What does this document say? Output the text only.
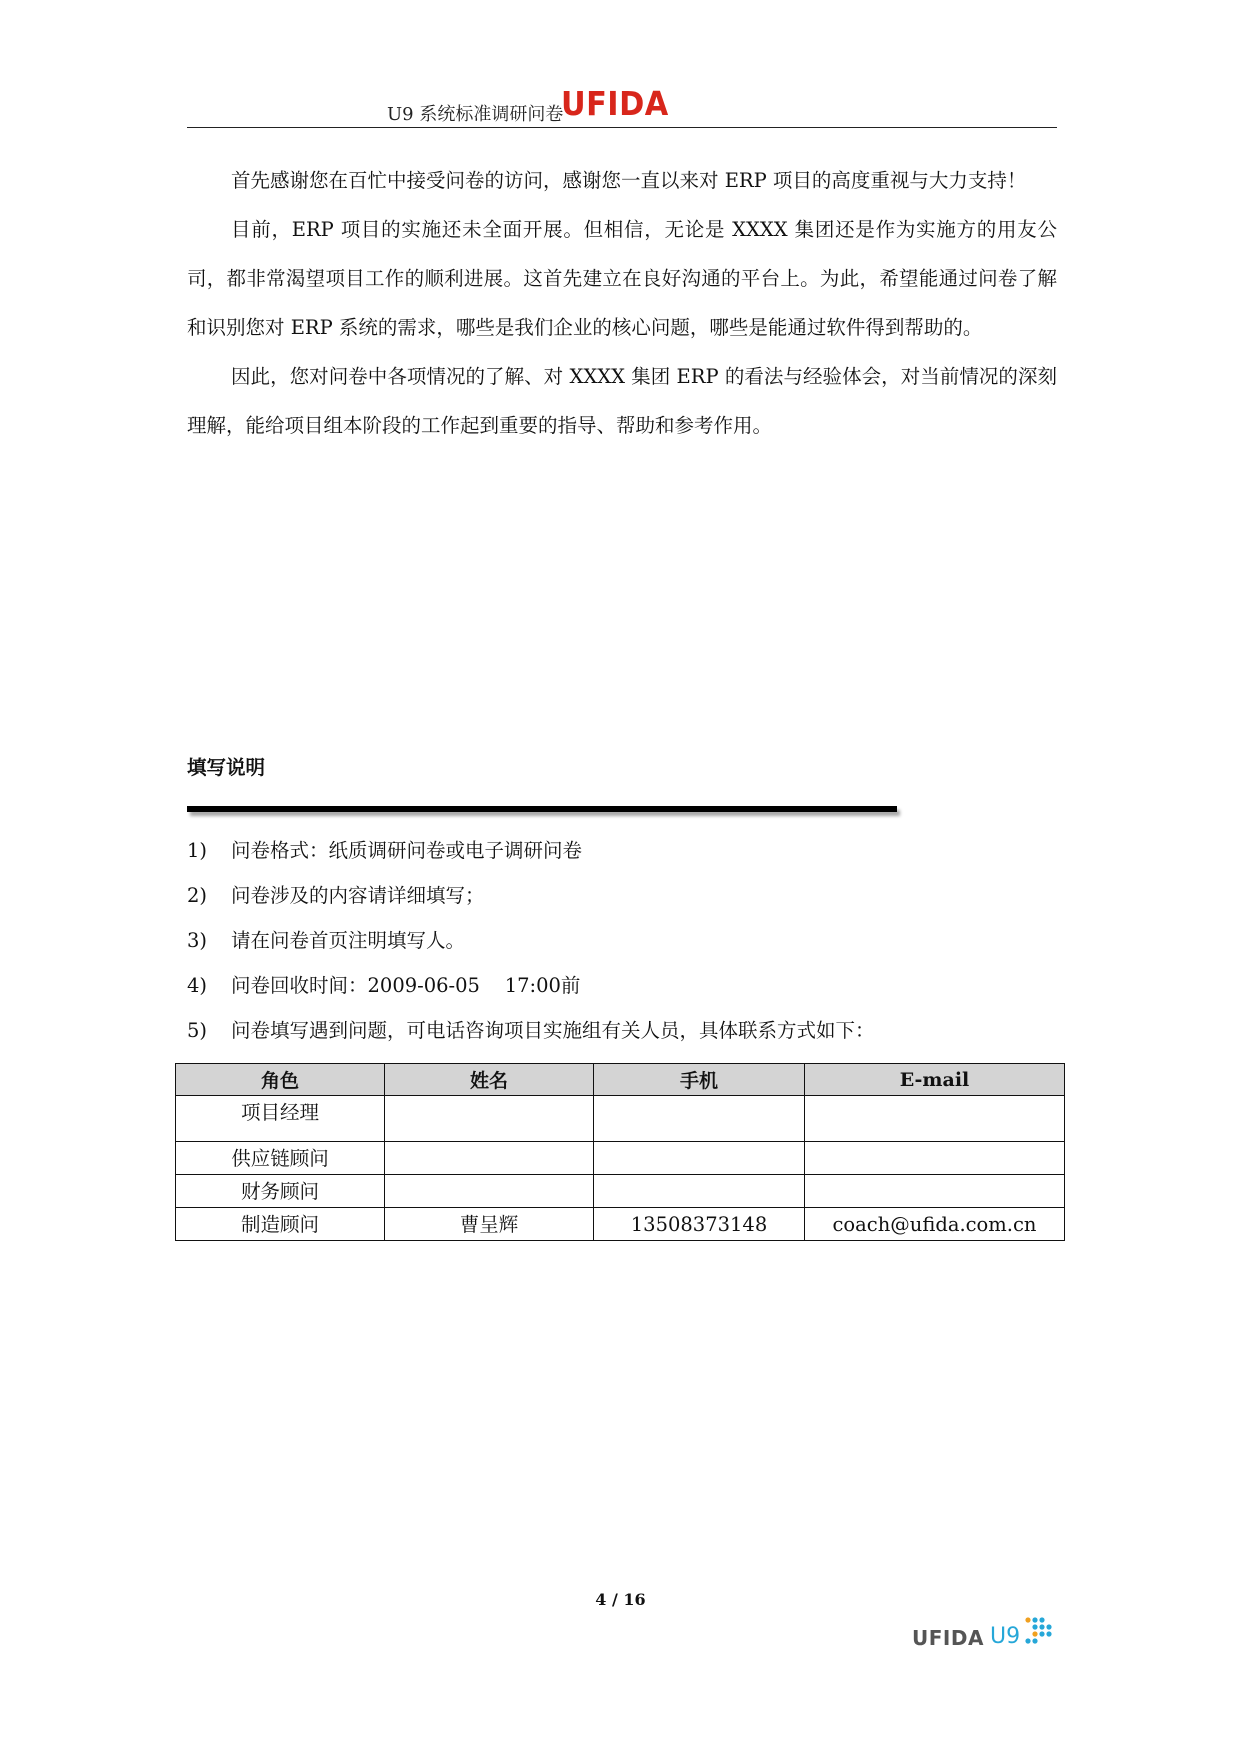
U9 系统标准调研问卷
UFIDA

首先感谢您在百忙中接受问卷的访问，感谢您一直以来对 ERP 项目的高度重视与大力支持！

目前，ERP 项目的实施还未全面开展。但相信，无论是 XXXX 集团还是作为实施方的用友公司，都非常渴望项目工作的顺利进展。这首先建立在良好沟通的平台上。为此，希望能通过问卷了解和识别您对 ERP 系统的需求，哪些是我们企业的核心问题，哪些是能通过软件得到帮助的。

因此，您对问卷中各项情况的了解、对 XXXX 集团 ERP 的看法与经验体会，对当前情况的深刻理解，能给项目组本阶段的工作起到重要的指导、帮助和参考作用。

填写说明
1)	问卷格式：纸质调研问卷或电子调研问卷
2)	问卷涉及的内容请详细填写；
3)	请在问卷首页注明填写人。
4)	问卷回收时间：2009-06-05    17:00前
5)	问卷填写遇到问题，可电话咨询项目实施组有关人员，具体联系方式如下：
角色	姓名	手机	E-mail
项目经理			
供应链顾问			
财务顾问			
制造顾问	曹呈辉	13508373148	coach@ufida.com.cn
4 / 16
UFIDA U9
